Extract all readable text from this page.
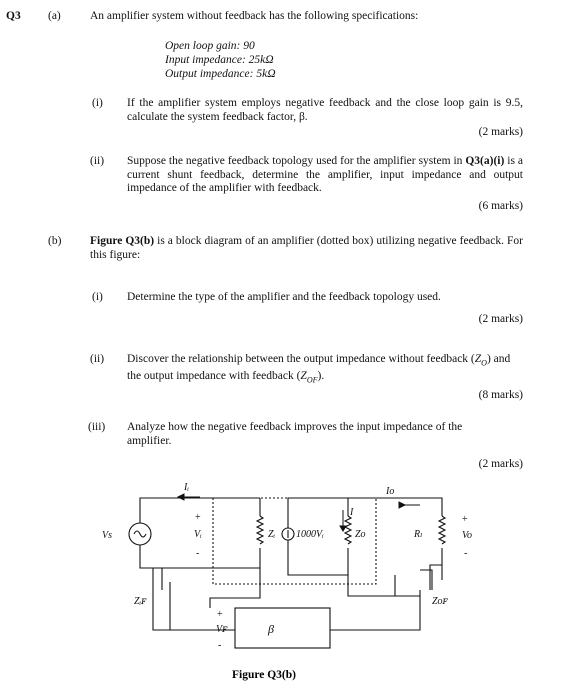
Q3 (a)	An amplifier system without feedback has the following specifications:
Open loop gain: 90
Input impedance: 25kΩ
Output impedance: 5kΩ
(i) If the amplifier system employs negative feedback and the close loop gain is 9.5, calculate the system feedback factor, β.
(2 marks)
(ii) Suppose the negative feedback topology used for the amplifier system in Q3(a)(i) is a current shunt feedback, determine the amplifier, input impedance and output impedance of the amplifier with feedback.
(6 marks)
(b) Figure Q3(b) is a block diagram of an amplifier (dotted box) utilizing negative feedback. For this figure:
(i) Determine the type of the amplifier and the feedback topology used.
(2 marks)
(ii) Discover the relationship between the output impedance without feedback $(Z_O)$ and the output impedance with feedback $(Z_{OF})$.
(8 marks)
(iii) Analyze how the negative feedback improves the input impedance of the amplifier.
(2 marks)
Iᵢ
+
Vᵢ
-
Vs	Zᵢ 1000Vᵢ
I
Zo
Io
Rₗ
+
Vo
-
Zᵢꜰ	Zᴏꜰ
+
Vꜰ
-
β
Figure Q3(b)
